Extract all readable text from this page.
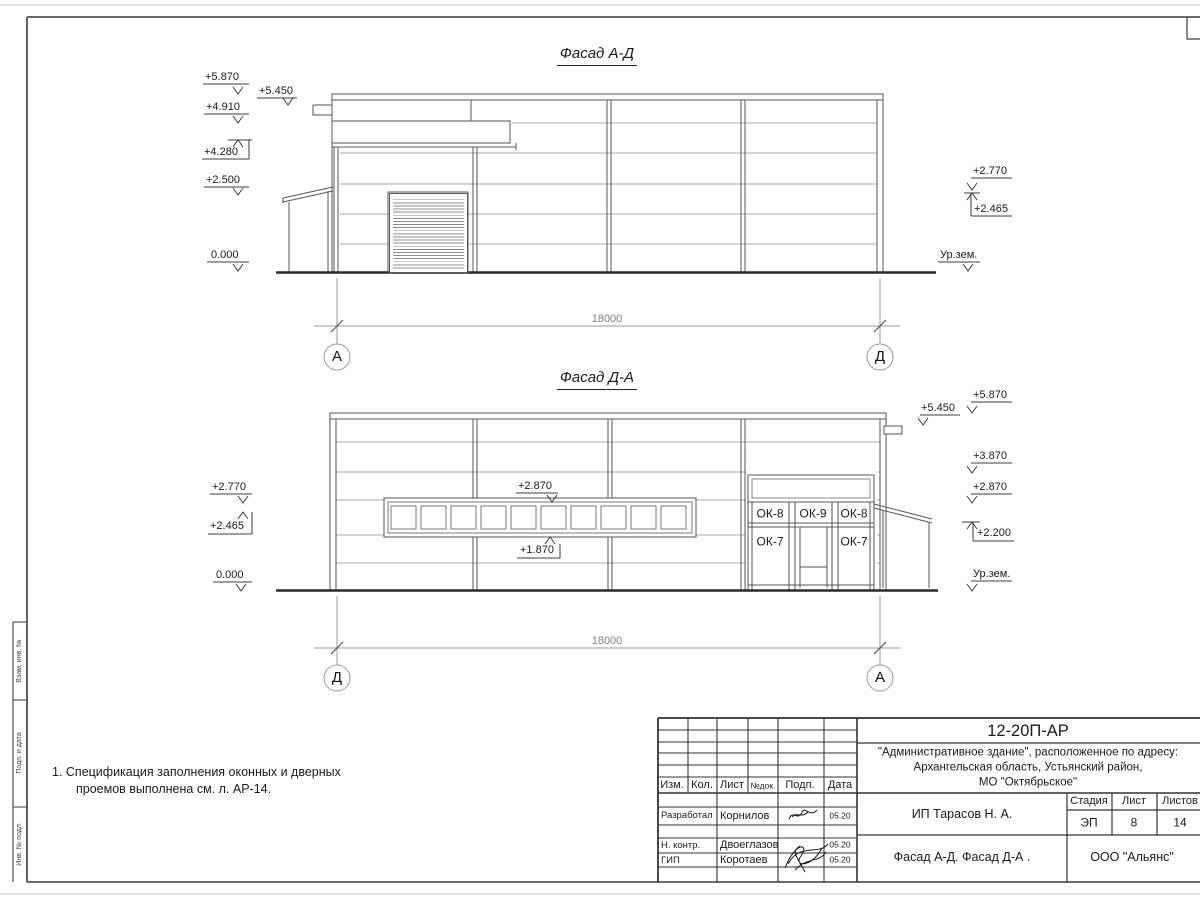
Фасад А-Д
Фасад Д-А
+5.870
+5.450
+4.910
+4.280
+2.500
0.000
+2.770
+2.465
Ур.зем.
18000
А	Д
+2.770
+2.465
0.000
+2.870
+1.870
+5.870
+5.450
+3.870
+2.870
+2.200
Ур.зем.
18000
Д	А
ОК-8 ОК-9 ОК-8
ОК-7	ОК-7
1. Спецификация заполнения оконных и дверных
проемов выполнена см. л. АР-14.
Взам. инв. №
Подп. и дата
Инв. № подл.
12-20П-АР
"Административное здание", расположенное по адресу:
Архангельская область, Устьянский район,
МО "Октябрьское"
Изм. Кол. Лист №док. Подп. Дата
Разработал Корнилов	05.20
Н. контр. Двоеглазов	05.20
ГИП	Коротаев	05.20
ИП Тарасов Н. А.
Стадия Лист Листов
ЭП	8	14
Фасад А-Д. Фасад Д-А .	ООО "Альянс"
